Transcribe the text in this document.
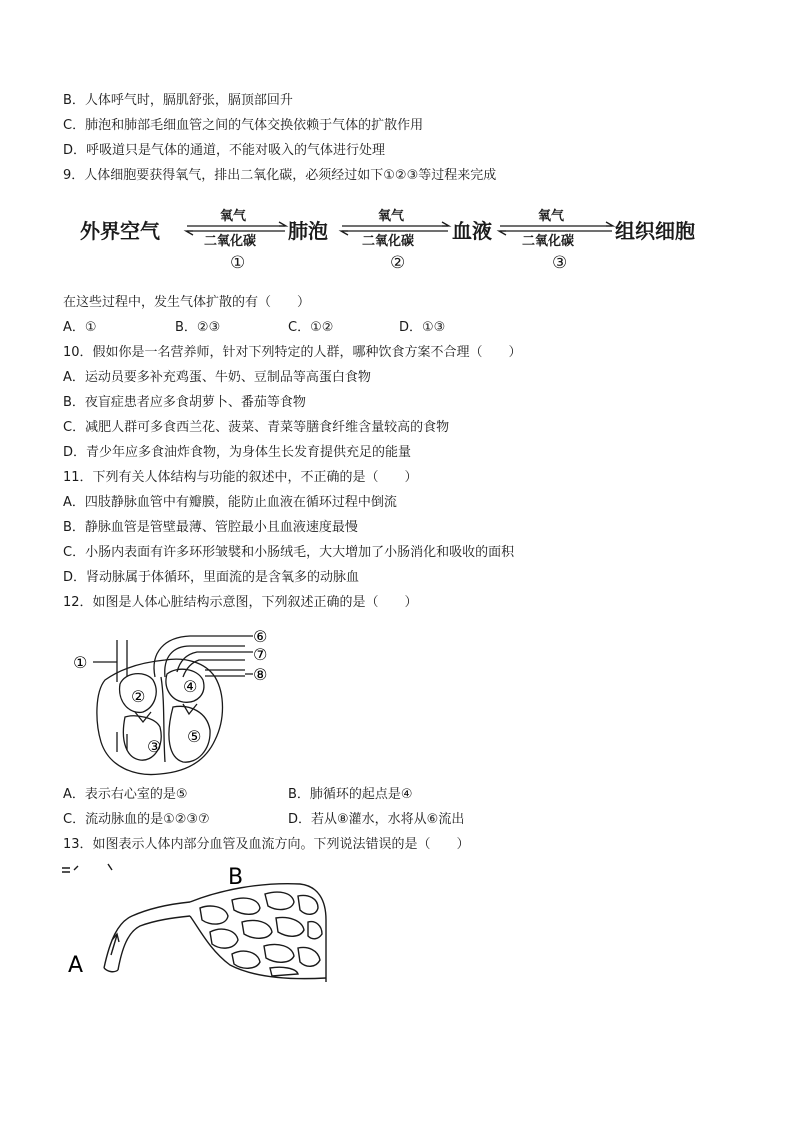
B．人体呼气时，膈肌舒张，膈顶部回升
C．肺泡和肺部毛细血管之间的气体交换依赖于气体的扩散作用
D．呼吸道只是气体的通道，不能对吸入的气体进行处理
9．人体细胞要获得氧气，排出二氧化碳，必须经过如下①②③等过程来完成
外界空气	肺泡	血液	组织细胞
氧气	氧气	氧气
二氧化碳	二氧化碳	二氧化碳
①	②	③
在这些过程中，发生气体扩散的有（　　）
A．①	B．②③	C．①②	D．①③
10．假如你是一名营养师，针对下列特定的人群，哪种饮食方案不合理（　　）
A．运动员要多补充鸡蛋、牛奶、豆制品等高蛋白食物
B．夜盲症患者应多食胡萝卜、番茄等食物
C．减肥人群可多食西兰花、菠菜、青菜等膳食纤维含量较高的食物
D．青少年应多食油炸食物，为身体生长发育提供充足的能量
11．下列有关人体结构与功能的叙述中，不正确的是（　　）
A．四肢静脉血管中有瓣膜，能防止血液在循环过程中倒流
B．静脉血管是管壁最薄、管腔最小且血液速度最慢
C．小肠内表面有许多环形皱襞和小肠绒毛，大大增加了小肠消化和吸收的面积
D．肾动脉属于体循环，里面流的是含氧多的动脉血
12．如图是人体心脏结构示意图，下列叙述正确的是（　　）
①
②
③
④
⑤
⑥
⑦
⑧
A．表示右心室的是⑤	B．肺循环的起点是④
C．流动脉血的是①②③⑦	D．若从⑧灌水，水将从⑥流出
13．如图表示人体内部分血管及血流方向。下列说法错误的是（　　）
B
A
